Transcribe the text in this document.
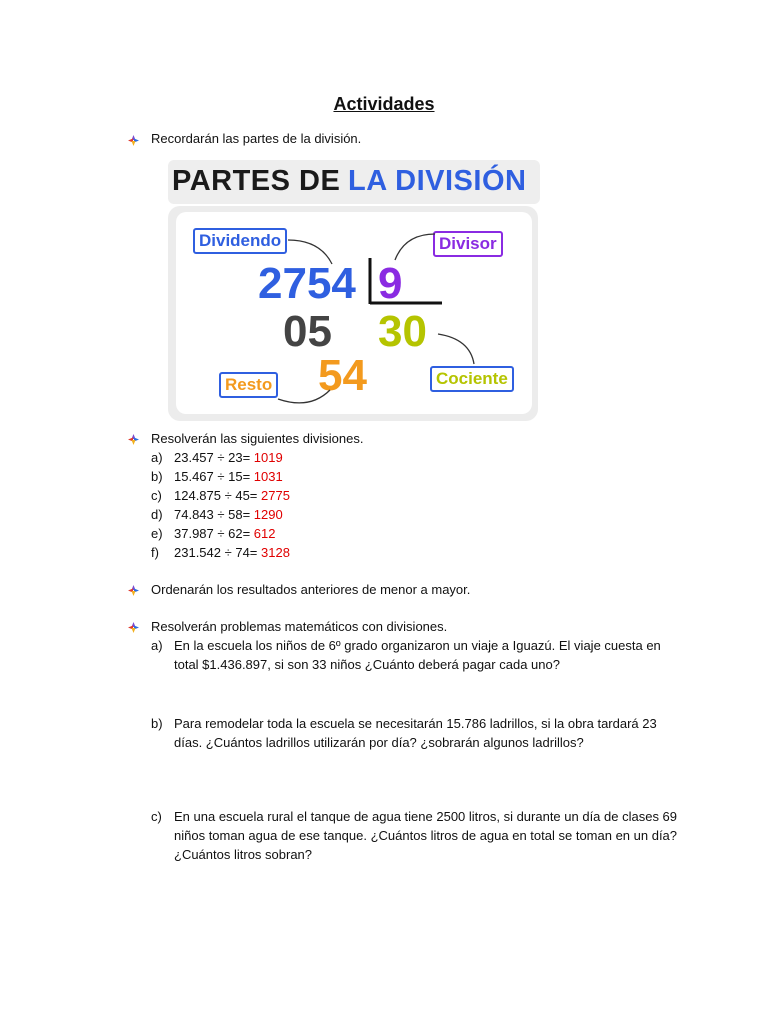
Actividades
Recordarán las partes de la división.
PARTES DE LA DIVISIÓN
Dividendo	Divisor
Resto	Cociente
2754 9
05 30
54
Resolverán las siguientes divisiones.
a) 23.457 ÷ 23= 1019
b) 15.467 ÷ 15= 1031
c) 124.875 ÷ 45= 2775
d) 74.843 ÷ 58= 1290
e) 37.987 ÷ 62= 612
f) 231.542 ÷ 74= 3128
Ordenarán los resultados anteriores de menor a mayor.
Resolverán problemas matemáticos con divisiones.
a) En la escuela los niños de 6º grado organizaron un viaje a Iguazú. El viaje cuesta en
total $1.436.897, si son 33 niños ¿Cuánto deberá pagar cada uno?
b) Para remodelar toda la escuela se necesitarán 15.786 ladrillos, si la obra tardará 23
días. ¿Cuántos ladrillos utilizarán por día? ¿sobrarán algunos ladrillos?
c) En una escuela rural el tanque de agua tiene 2500 litros, si durante un día de clases 69
niños toman agua de ese tanque. ¿Cuántos litros de agua en total se toman en un día?
¿Cuántos litros sobran?
